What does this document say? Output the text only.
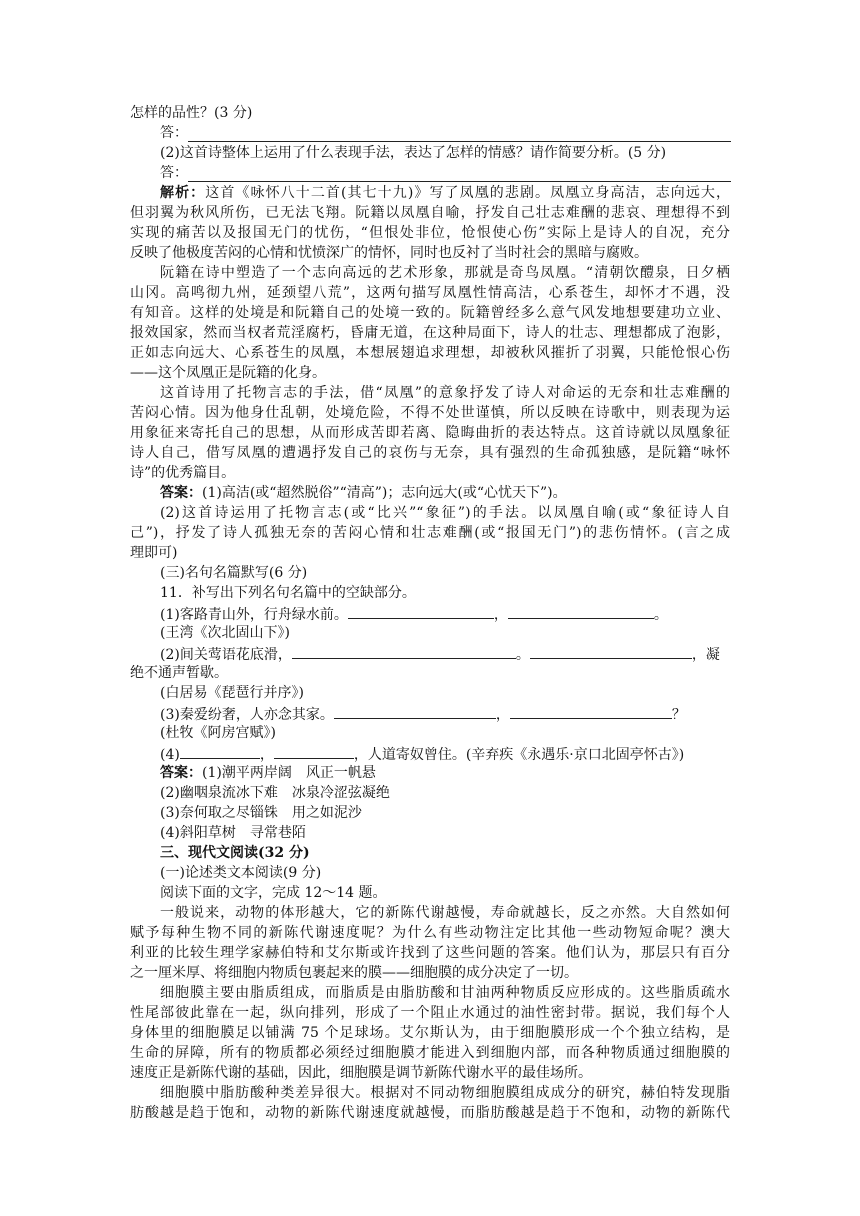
怎样的品性？(3 分)
答：
(2)这首诗整体上运用了什么表现手法，表达了怎样的情感？请作简要分析。(5 分)
答：
解析：这首《咏怀八十二首(其七十九)》写了凤凰的悲剧。凤凰立身高洁，志向远大，
但羽翼为秋风所伤，已无法飞翔。阮籍以凤凰自喻，抒发自己壮志难酬的悲哀、理想得不到
实现的痛苦以及报国无门的忧伤，“但恨处非位，怆恨使心伤”实际上是诗人的自况，充分
反映了他极度苦闷的心情和忧愤深广的情怀，同时也反衬了当时社会的黑暗与腐败。
阮籍在诗中塑造了一个志向高远的艺术形象，那就是奇鸟凤凰。“清朝饮醴泉，日夕栖
山冈。高鸣彻九州，延颈望八荒”，这两句描写凤凰性情高洁，心系苍生，却怀才不遇，没
有知音。这样的处境是和阮籍自己的处境一致的。阮籍曾经多么意气风发地想要建功立业、
报效国家，然而当权者荒淫腐朽，昏庸无道，在这种局面下，诗人的壮志、理想都成了泡影，
正如志向远大、心系苍生的凤凰，本想展翅追求理想，却被秋风摧折了羽翼，只能怆恨心伤
——这个凤凰正是阮籍的化身。
这首诗用了托物言志的手法，借“凤凰”的意象抒发了诗人对命运的无奈和壮志难酬的
苦闷心情。因为他身仕乱朝，处境危险，不得不处世谨慎，所以反映在诗歌中，则表现为运
用象征来寄托自己的思想，从而形成苦即若离、隐晦曲折的表达特点。这首诗就以凤凰象征
诗人自己，借写凤凰的遭遇抒发自己的哀伤与无奈，具有强烈的生命孤独感，是阮籍“咏怀
诗”的优秀篇目。
答案：(1)高洁(或“超然脱俗”“清高”)；志向远大(或“心忧天下”)。
(2)这首诗运用了托物言志(或“比兴”“象征”)的手法。以凤凰自喻(或“象征诗人自
己”)，抒发了诗人孤独无奈的苦闷心情和壮志难酬(或“报国无门”)的悲伤情怀。(言之成
理即可)
(三)名句名篇默写(6 分)
11．补写出下列名句名篇中的空缺部分。
(1)客路青山外，行舟绿水前。	，	。
(王湾《次北固山下》)
(2)间关莺语花底滑，	。	，凝
绝不通声暂歇。
(白居易《琵琶行并序》)
(3)秦爱纷奢，人亦念其家。	，	？
(杜牧《阿房宫赋》)
(4)	，	，人道寄奴曾住。(辛弃疾《永遇乐·京口北固亭怀古》)
答案：(1)潮平两岸阔　风正一帆悬
(2)幽咽泉流冰下难　冰泉冷涩弦凝绝
(3)奈何取之尽锱铢　用之如泥沙
(4)斜阳草树　寻常巷陌
三、现代文阅读(32 分)
(一)论述类文本阅读(9 分)
阅读下面的文字，完成 12～14 题。
一般说来，动物的体形越大，它的新陈代谢越慢，寿命就越长，反之亦然。大自然如何
赋予每种生物不同的新陈代谢速度呢？为什么有些动物注定比其他一些动物短命呢？澳大
利亚的比较生理学家赫伯特和艾尔斯或许找到了这些问题的答案。他们认为，那层只有百分
之一厘米厚、将细胞内物质包裹起来的膜——细胞膜的成分决定了一切。
细胞膜主要由脂质组成，而脂质是由脂肪酸和甘油两种物质反应形成的。这些脂质疏水
性尾部彼此靠在一起，纵向排列，形成了一个阻止水通过的油性密封带。据说，我们每个人
身体里的细胞膜足以铺满 75 个足球场。艾尔斯认为，由于细胞膜形成一个个独立结构，是
生命的屏障，所有的物质都必须经过细胞膜才能进入到细胞内部，而各种物质通过细胞膜的
速度正是新陈代谢的基础，因此，细胞膜是调节新陈代谢水平的最佳场所。
细胞膜中脂肪酸种类差异很大。根据对不同动物细胞膜组成成分的研究，赫伯特发现脂
肪酸越是趋于饱和，动物的新陈代谢速度就越慢，而脂肪酸越是趋于不饱和，动物的新陈代
